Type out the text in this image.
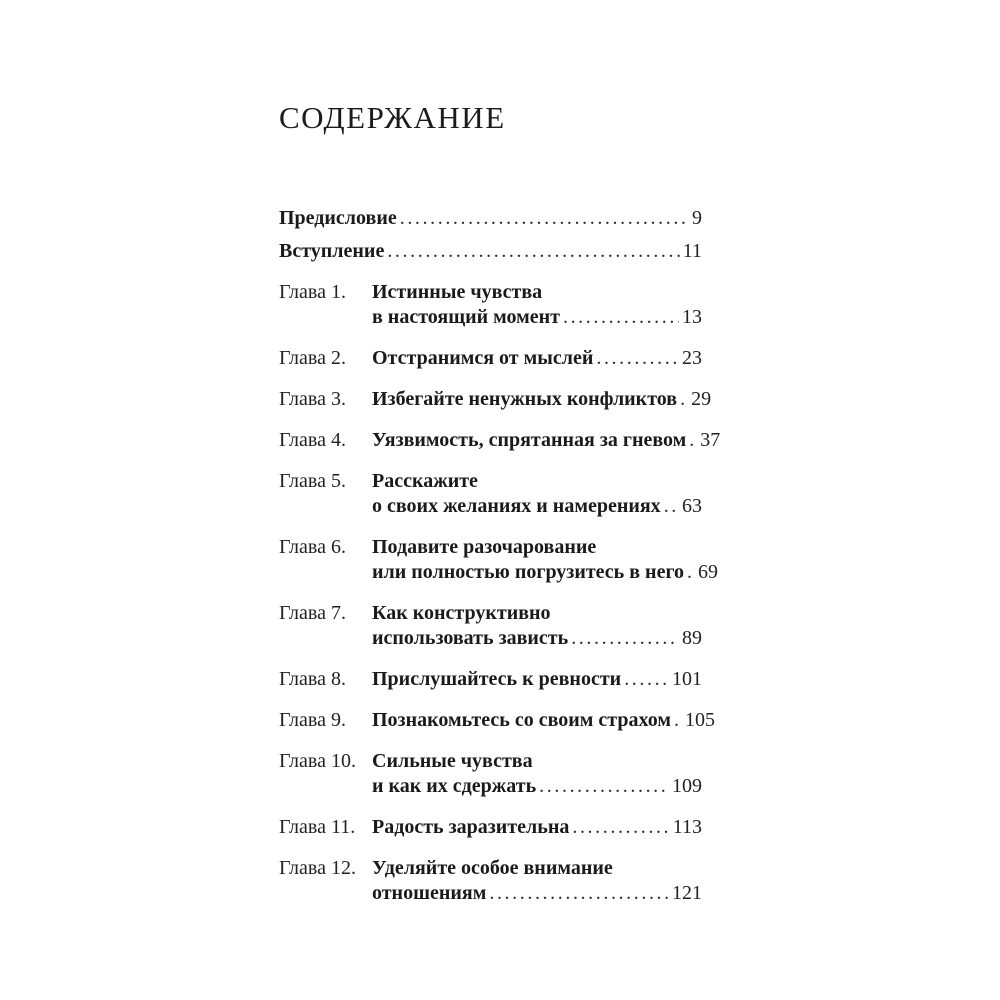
СОДЕРЖАНИЕ
Предисловие .....	9
Вступление .....	11
Глава 1.	Истинные чувства
в настоящий момент .....	13
Глава 2.	Отстранимся от мыслей .....	23
Глава 3.	Избегайте ненужных конфликтов ..... 29
Глава 4.	Уязвимость, спрятанная за гневом ..... 37
Глава 5.	Расскажите
о своих желаниях и намерениях ..... 63
Глава 6.	Подавите разочарование
или полностью погрузитесь в него ..... 69
Глава 7.	Как конструктивно
использовать зависть .....	89
Глава 8.	Прислушайтесь к ревности .....	101
Глава 9.	Познакомьтесь со своим страхом ..... 105
Глава 10. Сильные чувства
и как их сдержать .....	109
Глава 11. Радость заразительна .....	113
Глава 12. Уделяйте особое внимание
отношениям .....	121
